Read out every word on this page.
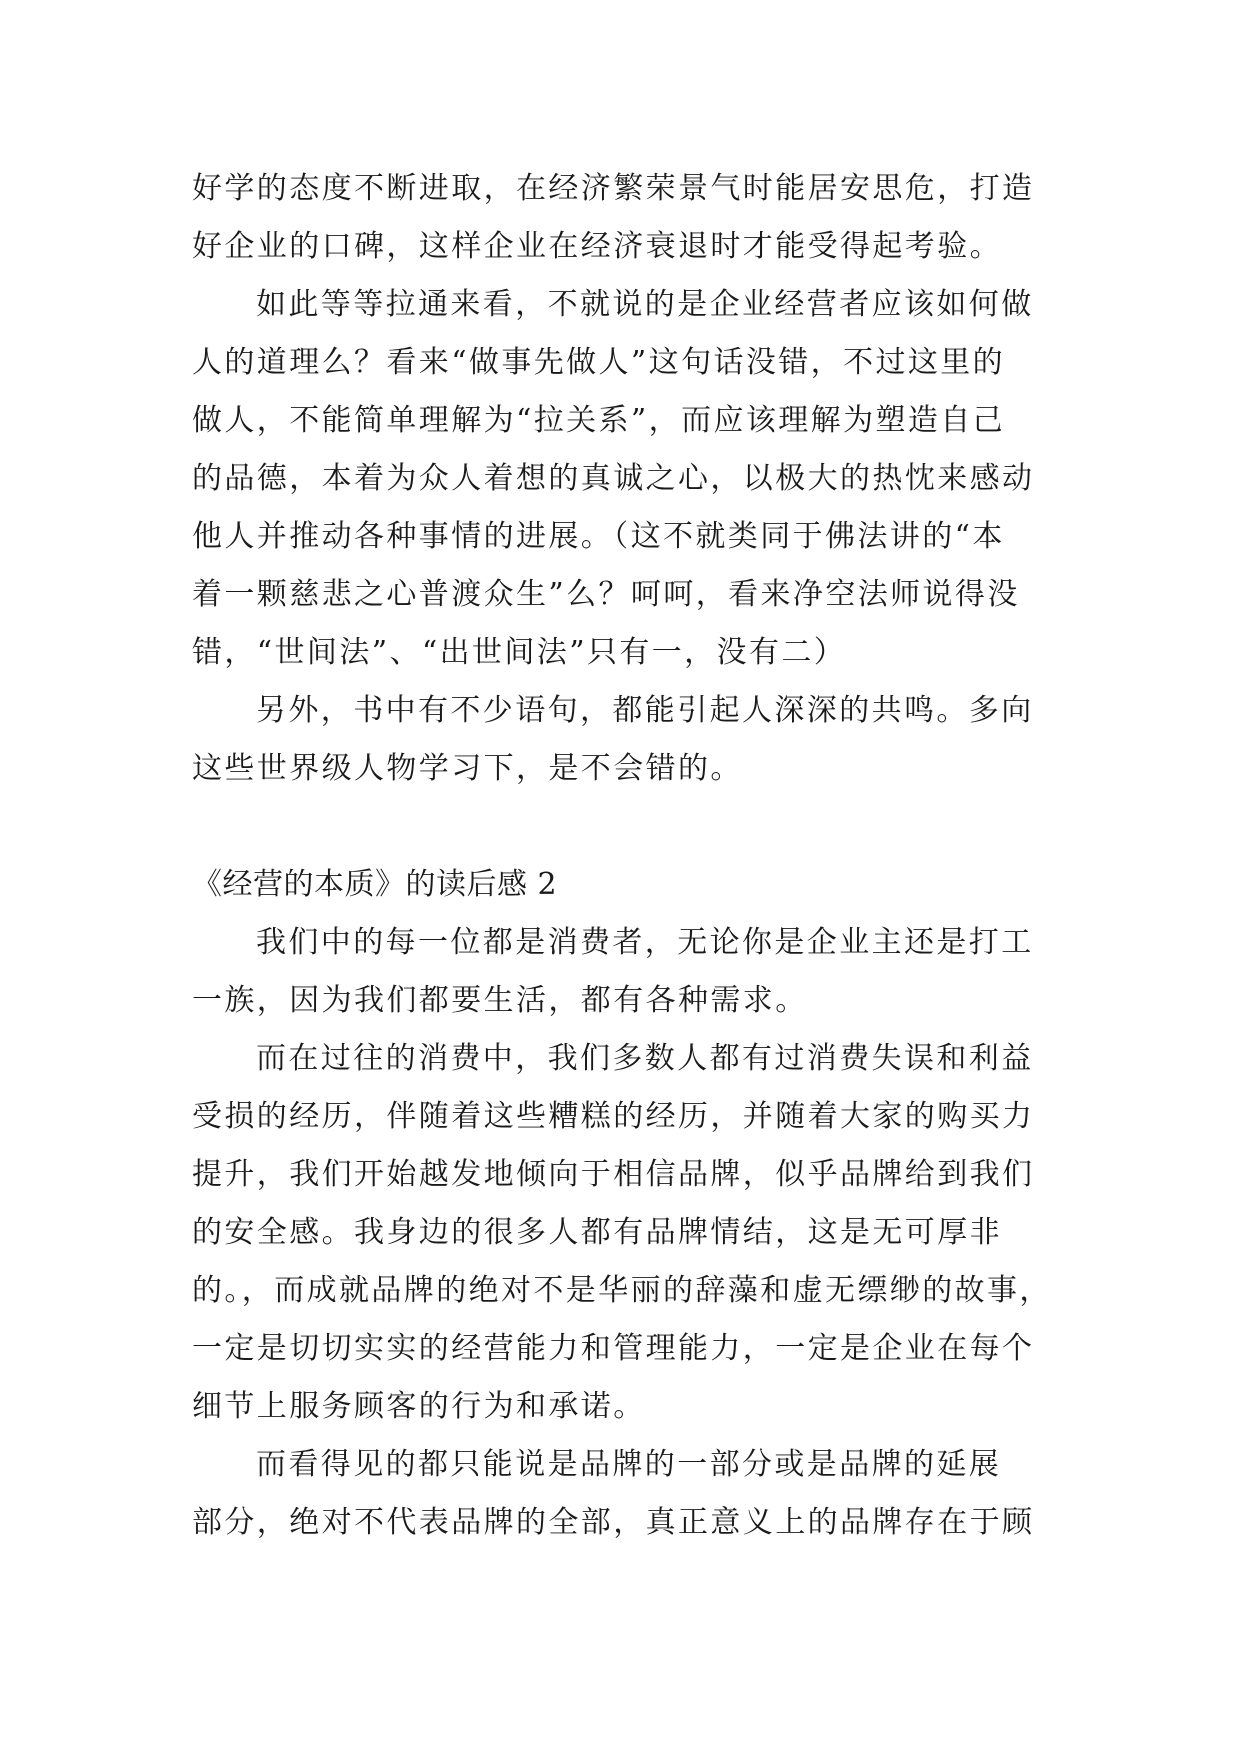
好学的态度不断进取，在经济繁荣景气时能居安思危，打造
好企业的口碑，这样企业在经济衰退时才能受得起考验。
如此等等拉通来看，不就说的是企业经营者应该如何做
人的道理么？看来“做事先做人”这句话没错，不过这里的
做人，不能简单理解为“拉关系”，而应该理解为塑造自己
的品德，本着为众人着想的真诚之心，以极大的热忱来感动
他人并推动各种事情的进展。（这不就类同于佛法讲的“本
着一颗慈悲之心普渡众生”么？呵呵，看来净空法师说得没
错，“世间法”、“出世间法”只有一，没有二）
另外，书中有不少语句，都能引起人深深的共鸣。多向
这些世界级人物学习下，是不会错的。
《经营的本质》的读后感 2
我们中的每一位都是消费者，无论你是企业主还是打工
一族，因为我们都要生活，都有各种需求。
而在过往的消费中，我们多数人都有过消费失误和利益
受损的经历，伴随着这些糟糕的经历，并随着大家的购买力
提升，我们开始越发地倾向于相信品牌，似乎品牌给到我们
的安全感。我身边的很多人都有品牌情结，这是无可厚非
的。，而成就品牌的绝对不是华丽的辞藻和虚无缥缈的故事，
一定是切切实实的经营能力和管理能力，一定是企业在每个
细节上服务顾客的行为和承诺。
而看得见的都只能说是品牌的一部分或是品牌的延展
部分，绝对不代表品牌的全部，真正意义上的品牌存在于顾
